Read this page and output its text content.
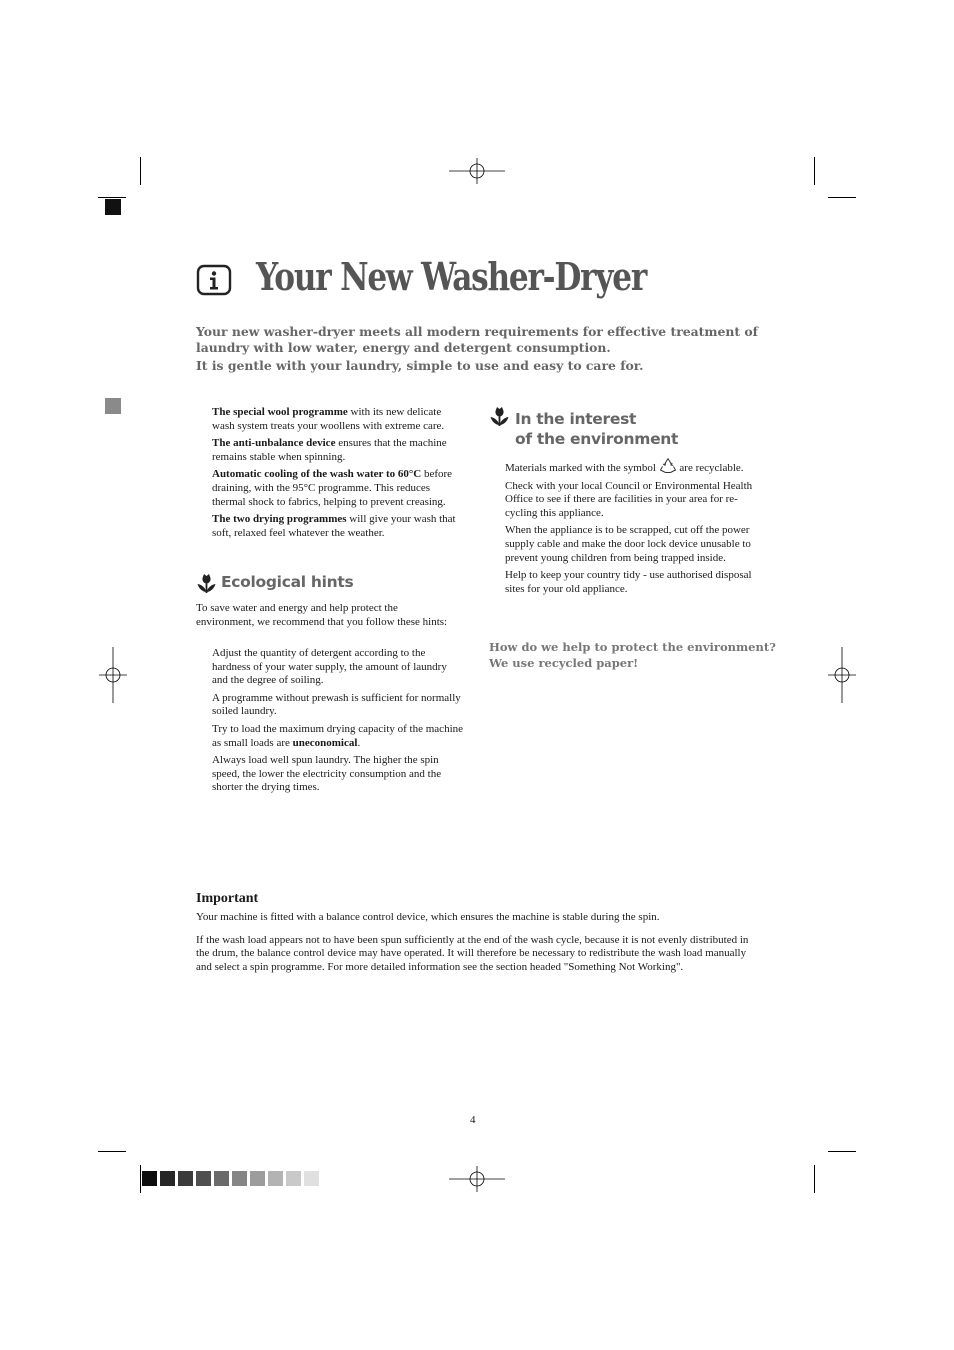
Your New Washer-Dryer

Your new washer-dryer meets all modern requirements for effective treatment of laundry with low water, energy and detergent consumption.

It is gentle with your laundry, simple to use and easy to care for.

The special wool programme with its new delicate wash system treats your woollens with extreme care.

The anti-unbalance device ensures that the machine remains stable when spinning.

Automatic cooling of the wash water to 60°C before draining, with the 95°C programme. This reduces thermal shock to fabrics, helping to prevent creasing.

The two drying programmes will give your wash that soft, relaxed feel whatever the weather.

Ecological hints
To save water and energy and help protect the environment, we recommend that you follow these hints:

Adjust the quantity of detergent according to the hardness of your water supply, the amount of laundry and the degree of soiling.

A programme without prewash is sufficient for normally soiled laundry.

Try to load the maximum drying capacity of the machine as small loads are uneconomical.

Always load well spun laundry. The higher the spin speed, the lower the electricity consumption and the shorter the drying times.

In the interest
of the environment

Materials marked with the symbol are recyclable.

Check with your local Council or Environmental Health Office to see if there are facilities in your area for re-cycling this appliance.

When the appliance is to be scrapped, cut off the power supply cable and make the door lock device unusable to prevent young children from being trapped inside.

Help to keep your country tidy - use authorised disposal sites for your old appliance.

How do we help to protect the environment?
We use recycled paper!
Important

Your machine is fitted with a balance control device, which ensures the machine is stable during the spin.

If the wash load appears not to have been spun sufficiently at the end of the wash cycle, because it is not evenly distributed in the drum, the balance control device may have operated. It will therefore be necessary to redistribute the wash load manually and select a spin programme. For more detailed information see the section headed "Something Not Working".

4
